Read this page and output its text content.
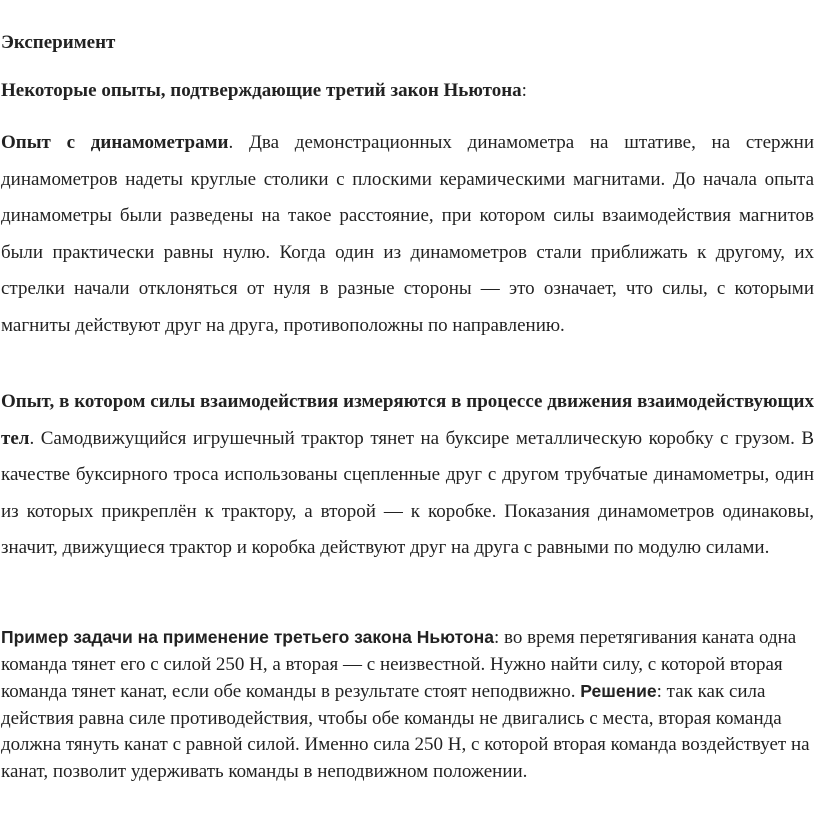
Эксперимент
Некоторые опыты, подтверждающие третий закон Ньютона:

Опыт с динамометрами. Два демонстрационных динамометра на штативе, на стержни динамометров надеты круглые столики с плоскими керамическими магнитами. До начала опыта динамометры были разведены на такое расстояние, при котором силы взаимодействия магнитов были практически равны нулю. Когда один из динамометров стали приближать к другому, их стрелки начали отклоняться от нуля в разные стороны — это означает, что силы, с которыми магниты действуют друг на друга, противоположны по направлению.

Опыт, в котором силы взаимодействия измеряются в процессе движения взаимодействующих тел. Самодвижущийся игрушечный трактор тянет на буксире металлическую коробку с грузом. В качестве буксирного троса использованы сцепленные друг с другом трубчатые динамометры, один из которых прикреплён к трактору, а второй — к коробке. Показания динамометров одинаковы, значит, движущиеся трактор и коробка действуют друг на друга с равными по модулю силами.

Пример задачи на применение третьего закона Ньютона: во время перетягивания каната одна команда тянет его с силой 250 Н, а вторая — с неизвестной. Нужно найти силу, с которой вторая команда тянет канат, если обе команды в результате стоят неподвижно. Решение: так как сила действия равна силе противодействия, чтобы обе команды не двигались с места, вторая команда должна тянуть канат с равной силой. Именно сила 250 Н, с которой вторая команда воздействует на канат, позволит удерживать команды в неподвижном положении.
